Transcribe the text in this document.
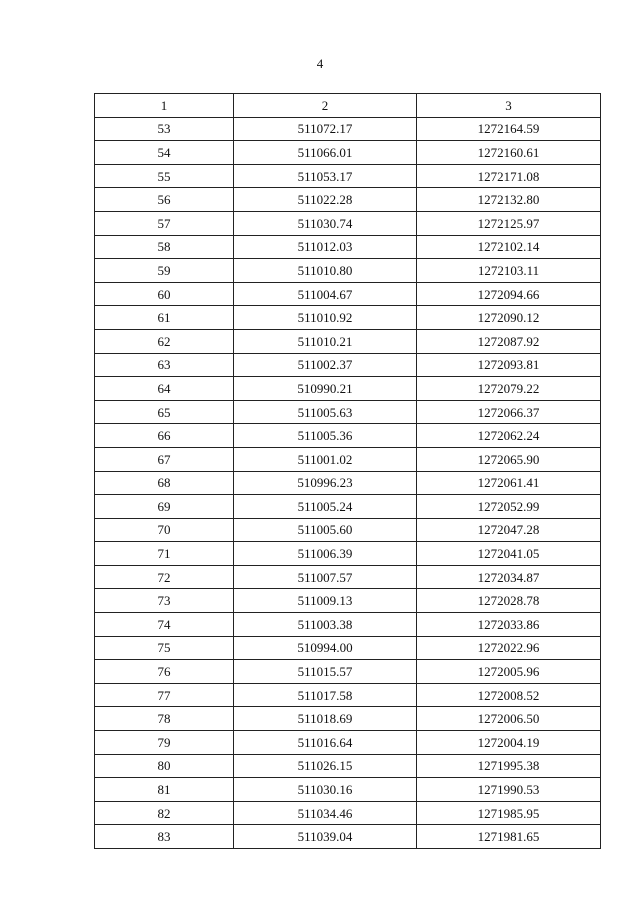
4
1	2	3
53	511072.17	1272164.59
54	511066.01	1272160.61
55	511053.17	1272171.08
56	511022.28	1272132.80
57	511030.74	1272125.97
58	511012.03	1272102.14
59	511010.80	1272103.11
60	511004.67	1272094.66
61	511010.92	1272090.12
62	511010.21	1272087.92
63	511002.37	1272093.81
64	510990.21	1272079.22
65	511005.63	1272066.37
66	511005.36	1272062.24
67	511001.02	1272065.90
68	510996.23	1272061.41
69	511005.24	1272052.99
70	511005.60	1272047.28
71	511006.39	1272041.05
72	511007.57	1272034.87
73	511009.13	1272028.78
74	511003.38	1272033.86
75	510994.00	1272022.96
76	511015.57	1272005.96
77	511017.58	1272008.52
78	511018.69	1272006.50
79	511016.64	1272004.19
80	511026.15	1271995.38
81	511030.16	1271990.53
82	511034.46	1271985.95
83	511039.04	1271981.65
